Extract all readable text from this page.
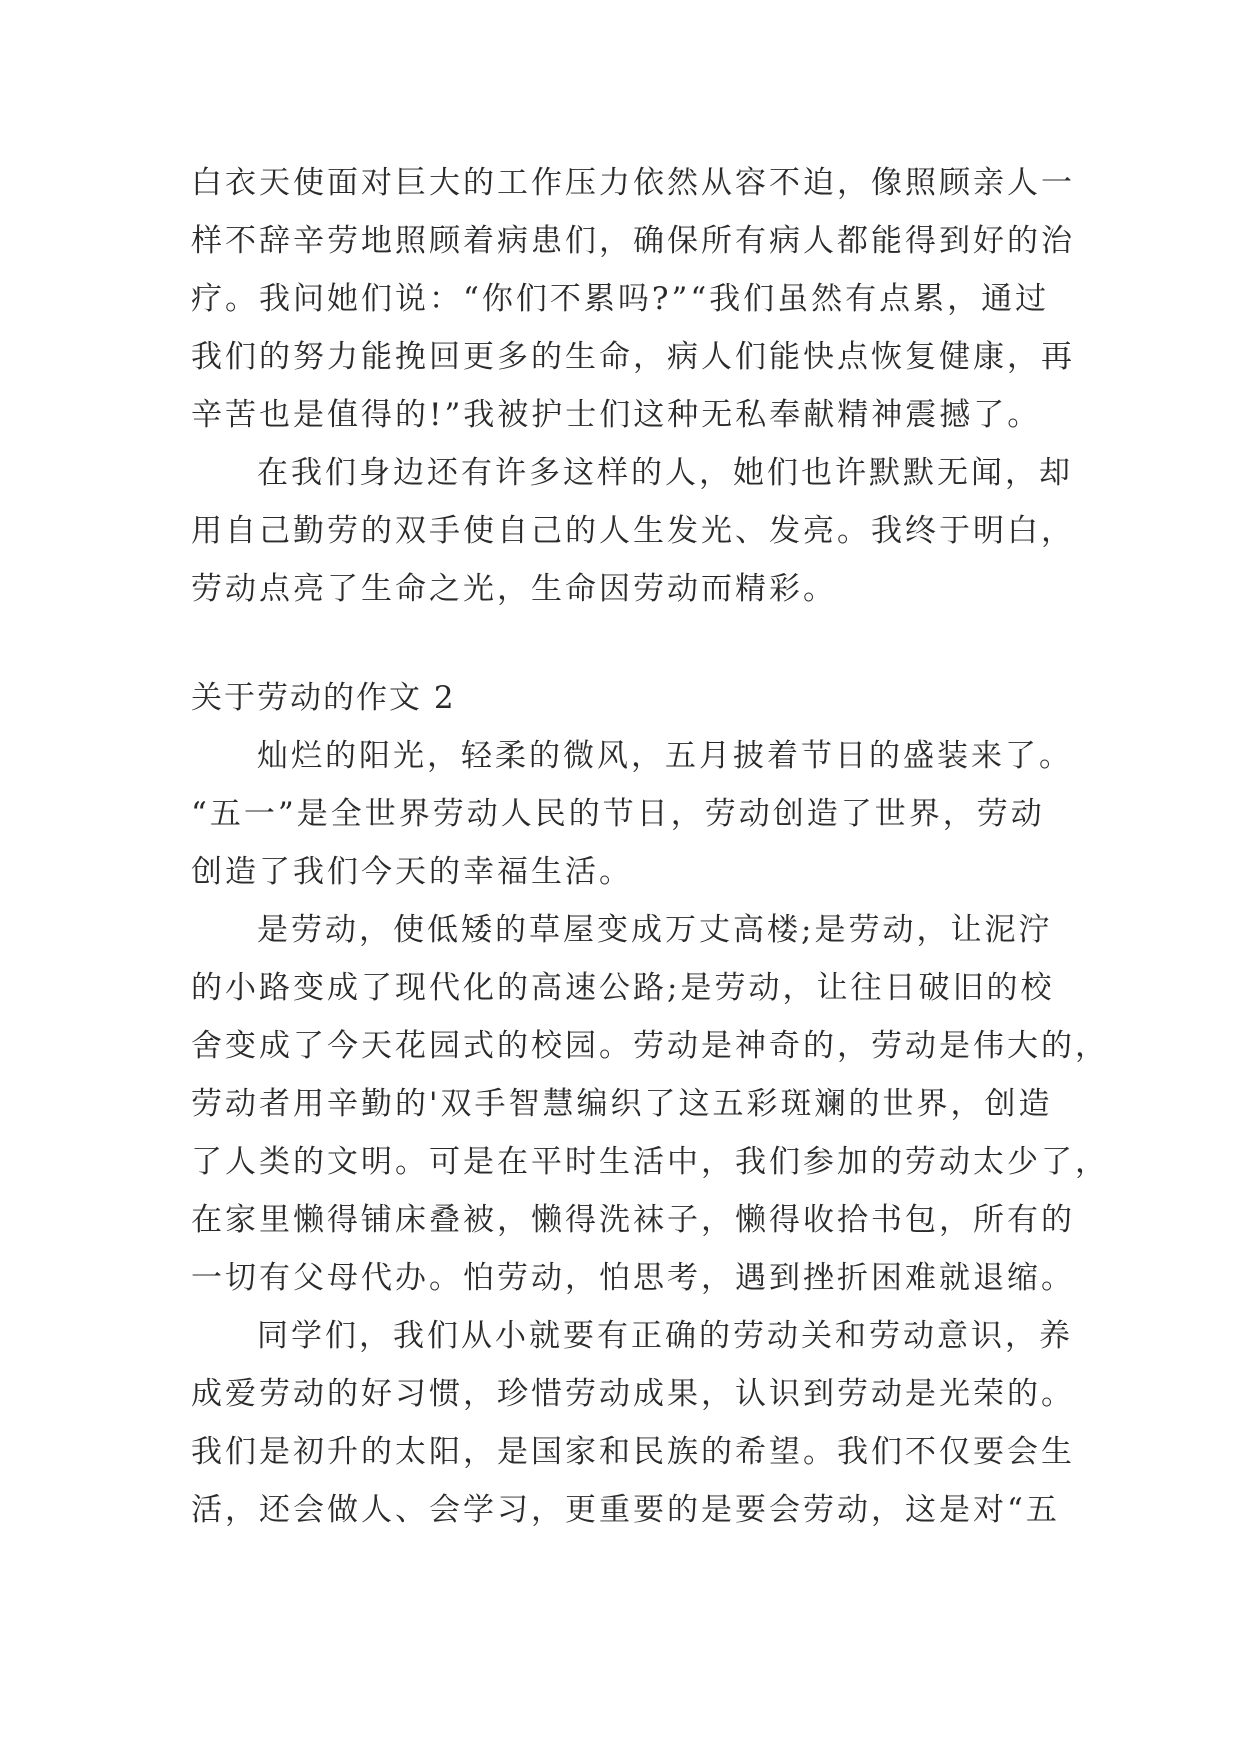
白衣天使面对巨大的工作压力依然从容不迫，像照顾亲人一
样不辞辛劳地照顾着病患们，确保所有病人都能得到好的治
疗。我问她们说：“你们不累吗?”“我们虽然有点累，通过
我们的努力能挽回更多的生命，病人们能快点恢复健康，再
辛苦也是值得的!”我被护士们这种无私奉献精神震撼了。
在我们身边还有许多这样的人，她们也许默默无闻，却
用自己勤劳的双手使自己的人生发光、发亮。我终于明白，
劳动点亮了生命之光，生命因劳动而精彩。
关于劳动的作文 2
灿烂的阳光，轻柔的微风，五月披着节日的盛装来了。
“五一”是全世界劳动人民的节日，劳动创造了世界，劳动
创造了我们今天的幸福生活。
是劳动，使低矮的草屋变成万丈高楼;是劳动，让泥泞
的小路变成了现代化的高速公路;是劳动，让往日破旧的校
舍变成了今天花园式的校园。劳动是神奇的，劳动是伟大的，
劳动者用辛勤的'双手智慧编织了这五彩斑斓的世界，创造
了人类的文明。可是在平时生活中，我们参加的劳动太少了，
在家里懒得铺床叠被，懒得洗袜子，懒得收拾书包，所有的
一切有父母代办。怕劳动，怕思考，遇到挫折困难就退缩。
同学们，我们从小就要有正确的劳动关和劳动意识，养
成爱劳动的好习惯，珍惜劳动成果，认识到劳动是光荣的。
我们是初升的太阳，是国家和民族的希望。我们不仅要会生
活，还会做人、会学习，更重要的是要会劳动，这是对“五
